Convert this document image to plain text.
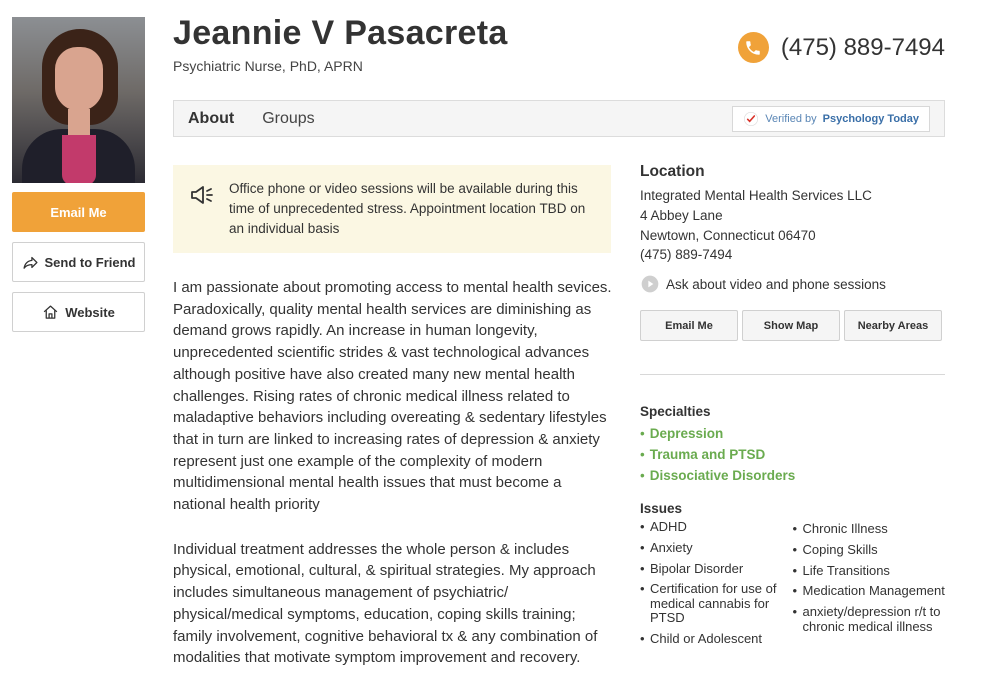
Email Me
Send to Friend
Website
Jeannie V Pasacreta
Psychiatric Nurse, PhD, APRN
(475) 889-7494
About	Groups	Verified by Psychology Today
Office phone or video sessions will be available during this time of unprecedented stress. Appointment location TBD on an individual basis

I am passionate about promoting access to mental health sevices. Paradoxically, quality mental health services are diminishing as demand grows rapidly. An increase in human longevity, unprecedented scientific strides & vast technological advances although positive have also created many new mental health challenges. Rising rates of chronic medical illness related to maladaptive behaviors including overeating & sedentary lifestyles that in turn are linked to increasing rates of depression & anxiety represent just one example of the complexity of modern multidimensional mental health issues that must become a national health priority

Individual treatment addresses the whole person & includes physical, emotional, cultural, & spiritual strategies. My approach includes simultaneous management of psychiatric/ physical/medical symptoms, education, coping skills training; family involvement, cognitive behavioral tx & any combination of modalities that motivate symptom improvement and recovery.

Location
Integrated Mental Health Services LLC
4 Abbey Lane
Newtown, Connecticut 06470
(475) 889-7494
Ask about video and phone sessions
Email Me	Show Map	Nearby Areas
Specialties
• Depression
• Trauma and PTSD
• Dissociative Disorders
Issues
• ADHD
• Anxiety
• Bipolar Disorder
• Certification for use of medical cannabis for PTSD
• Child or Adolescent
• Chronic Illness
• Coping Skills
• Life Transitions
• Medication Management
• anxiety/depression r/t to chronic medical illness
